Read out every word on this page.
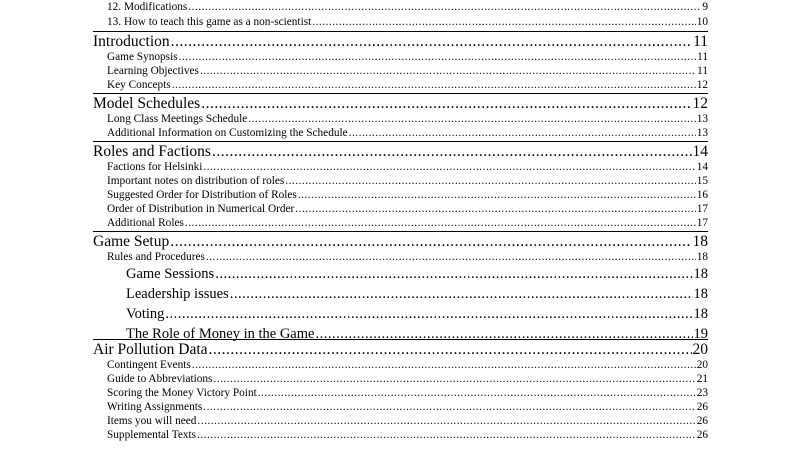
12. Modifications .....	9
13. How to teach this game as a non-scientist .....	10
Introduction .....	11
Game Synopsis .....	11
Learning Objectives .....	11
Key Concepts .....	12
Model Schedules .....	12
Long Class Meetings Schedule .....	13
Additional Information on Customizing the Schedule .....	13
Roles and Factions .....	14
Factions for Helsinki .....	14
Important notes on distribution of roles .....	15
Suggested Order for Distribution of Roles .....	16
Order of Distribution in Numerical Order .....	17
Additional Roles .....	17
Game Setup .....	18
Rules and Procedures .....	18
Game Sessions .....	18
Leadership issues .....	18
Voting .....	18
The Role of Money in the Game .....	19
Air Pollution Data .....	20
Contingent Events .....	20
Guide to Abbreviations .....	21
Scoring the Money Victory Point .....	23
Writing Assignments .....	26
Items you will need .....	26
Supplemental Texts .....	26
